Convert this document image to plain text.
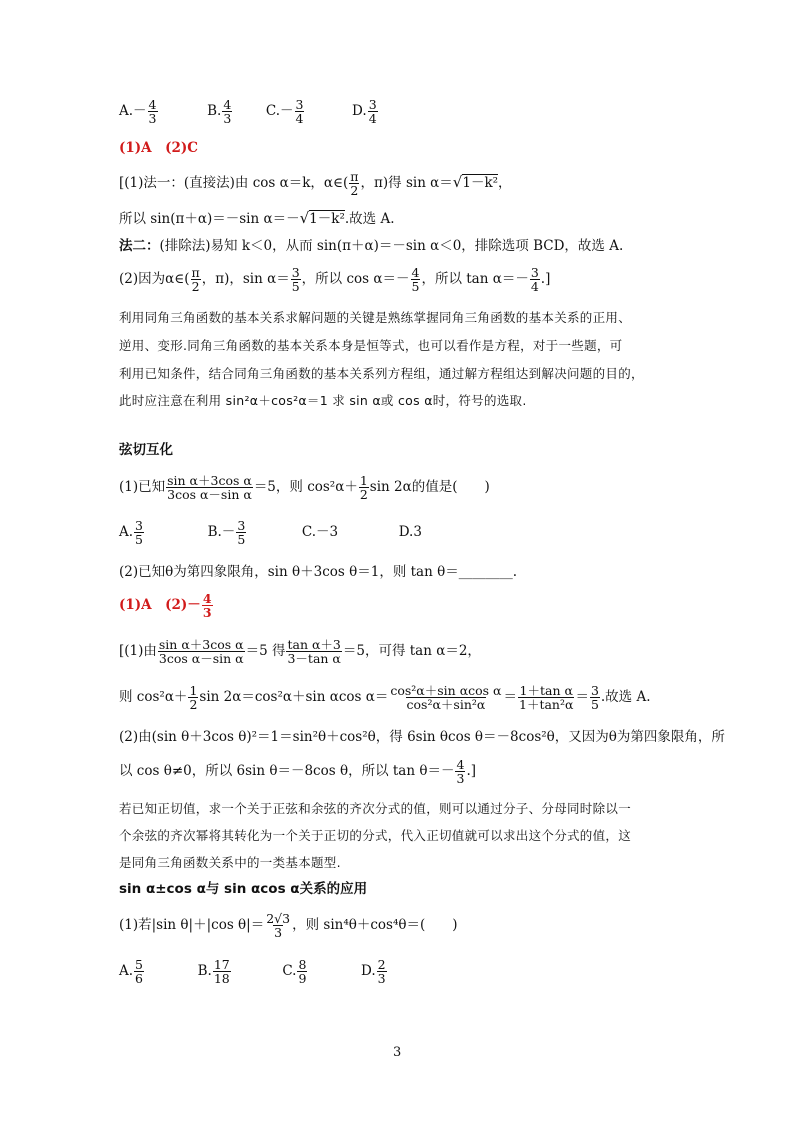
$A.- \frac{4}{3}$	B. $\frac{4}{3} C.- \frac{3}{4}$	D. $\frac{3}{4}$
(1)A　(2)C
[(1)法一：(直接法)由 cos α＝k，α∈( $\frac{\pi}{2}$ ，π)得 sin α＝√1－k²，
所以 sin(π＋α)＝－sin α＝－√1－k².故选 A.
法二：(排除法)易知 k＜0，从而 sin(π＋α)＝－sin α＜0，排除选项 BCD，故选 A.
(2)因为α∈( $\frac{\pi}{2}$ ，π)，$\sin \alpha= \frac{3}{5}$ ，所以 $\cos \alpha=- \frac{4}{5}$ ，所以 $\tan \alpha=- \frac{3}{4}$ .]
利用同角三角函数的基本关系求解问题的关键是熟练掌握同角三角函数的基本关系的正用、
逆用、变形.同角三角函数的基本关系本身是恒等式，也可以看作是方程，对于一些题，可
利用已知条件，结合同角三角函数的基本关系列方程组，通过解方程组达到解决问题的目的，
此时应注意在利用 sin²α＋cos²α＝1 求 sin α或 cos α时，符号的选取.
弦切互化
(1)已知 $\frac{\text{sin α＋3cos α}}{\text{3cos α－sin α}} =5$，则 $\cos^2\alpha+ \frac{1}{2}$ sin 2α的值是(　　)
A. $\frac{3}{5}$	$B.- \frac{3}{5}$	C.－3	D.3
(2)已知θ为第四象限角，sin θ＋3cos θ＝1，则 tan θ＝________.
(1)A　$(2)- \frac{4}{3}$
[(1)由 $\frac{\text{sin α＋3cos α}}{\text{3cos α－sin α}} =5$ 得 $\frac{\text{tan α＋3}}{\text{3－tan α}} =5$，可得 tan α＝2，
则 $\cos^2\alpha+ \frac{1}{2}$ sin 2α＝cos²α＋sin αcos $\alpha= \frac{\text{cos²α＋sin αcos α}}{\text{cos²α＋sin²α}} = \frac{\text{1＋tan α}}{\text{1＋tan²α}} = \frac{3}{5}$ .故选 A.
(2)由(sin θ＋3cos θ)²＝1＝sin²θ＋cos²θ，得 6sin θcos θ＝－8cos²θ，又因为θ为第四象限角，所
以 cos θ≠0，所以 6sin θ＝－8cos θ，所以 $\tan \theta=- \frac{4}{3}$ .]
若已知正切值，求一个关于正弦和余弦的齐次分式的值，则可以通过分子、分母同时除以一
个余弦的齐次幂将其转化为一个关于正切的分式，代入正切值就可以求出这个分式的值，这
是同角三角函数关系中的一类基本题型.
sin α±cos α与 sin αcos α关系的应用
(1)若|sin θ|＋|cos $\theta|= \frac{2√3}{3}$ ，则 sin⁴θ＋cos⁴θ＝(　　)
A. $\frac{5}{6}$	B. $\frac{17}{18}$	C. $\frac{8}{9}$	D. $\frac{2}{3}$
3
